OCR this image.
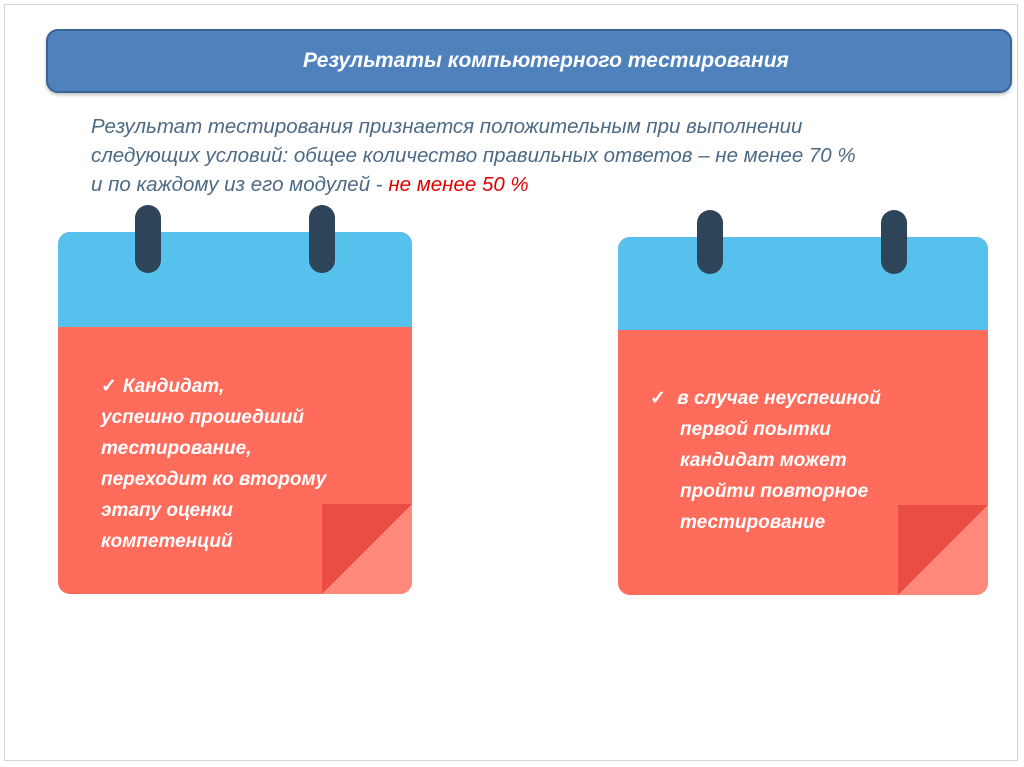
Результаты компьютерного тестирования
Результат тестирования признается положительным при выполнении
следующих условий: общее количество правильных ответов – не менее 70 %
и по каждому из его модулей - не менее 50 %
✓ Кандидат,
успешно прошедший
тестирование,
переходит ко второму
этапу оценки
компетенций
✓ в случае неуспешной
первой поытки
кандидат может
пройти повторное
тестирование
